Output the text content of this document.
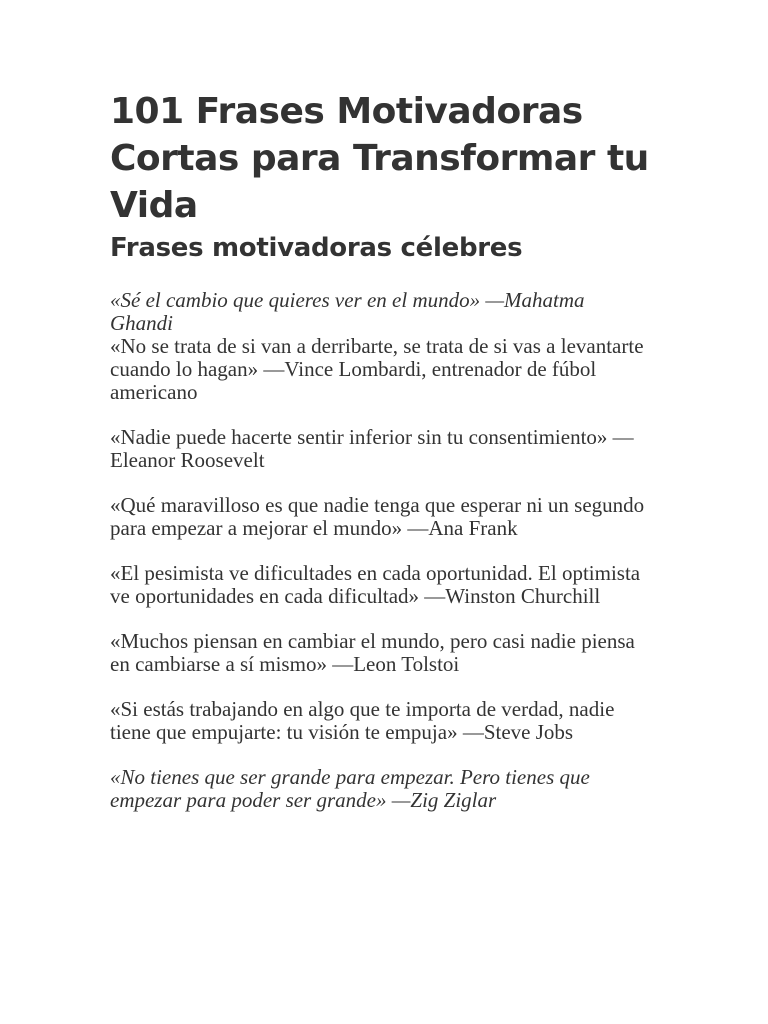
101 Frases Motivadoras Cortas para Transformar tu Vida
Frases motivadoras célebres

«Sé el cambio que quieres ver en el mundo» —Mahatma Ghandi

«No se trata de si van a derribarte, se trata de si vas a levantarte cuando lo hagan» —Vince Lombardi, entrenador de fúbol americano

«Nadie puede hacerte sentir inferior sin tu consentimiento» —Eleanor Roosevelt

«Qué maravilloso es que nadie tenga que esperar ni un segundo para empezar a mejorar el mundo» —Ana Frank

«El pesimista ve dificultades en cada oportunidad. El optimista ve oportunidades en cada dificultad» —Winston Churchill

«Muchos piensan en cambiar el mundo, pero casi nadie piensa en cambiarse a sí mismo» —Leon Tolstoi

«Si estás trabajando en algo que te importa de verdad, nadie tiene que empujarte: tu visión te empuja» —Steve Jobs

«No tienes que ser grande para empezar. Pero tienes que empezar para poder ser grande» —Zig Ziglar
